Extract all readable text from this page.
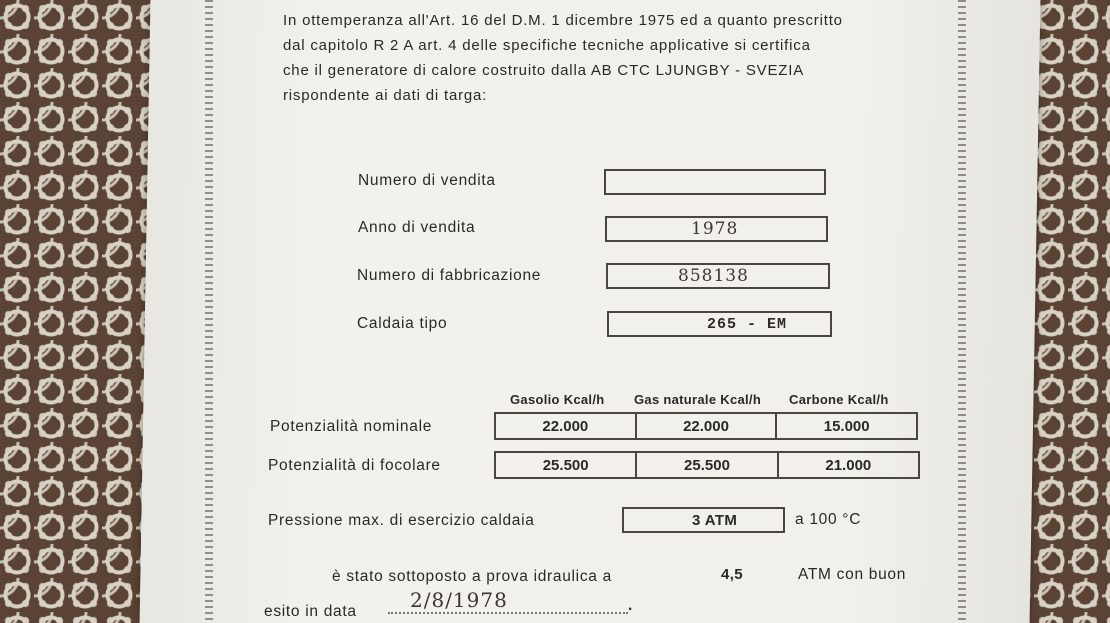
In ottemperanza all'Art. 16 del D.M. 1 dicembre 1975 ed a quanto prescritto
dal capitolo R 2 A art. 4 delle specifiche tecniche applicative si certifica
che il generatore di calore costruito dalla AB CTC LJUNGBY - SVEZIA
rispondente ai dati di targa:
Numero di vendita
Anno di vendita	1978
Numero di fabbricazione	858138
Caldaia tipo	265 - EM
Gasolio Kcal/h Gas naturale Kcal/h Carbone Kcal/h
Potenzialità nominale	22.000	22.000	15.000
Potenzialità di focolare	25.500	25.500	21.000
Pressione max. di esercizio caldaia	3 ATM	a 100 °C
è stato sottoposto a prova idraulica a	4,5	ATM con buon
esito in data	2/8/1978	.
